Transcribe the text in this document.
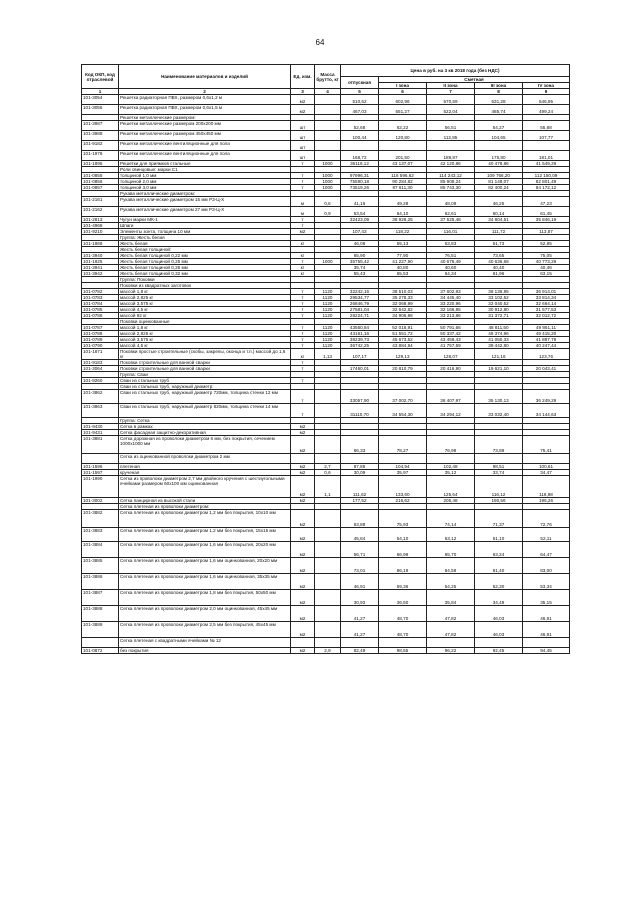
64
Код ОКП, код отраслевой	Наименование материалов и изделий	Ед. изм.	Масса брутто, кг	Цена в руб. на 3 кв 2018 года (без НДС)				
				отпускная	Сметная			
					I зона	II зона	III зона	IV зона
1	2	3	4	5	6	7	8	9
101-3054	Решетка радиаторная ПВХ, размером 0,6х1,2 м	м2		510,62	602,96	570,59	531,28	546,95
101-3055	Решетка радиаторная ПВХ, размером 0,6х1,5 м	м2		467,03	551,27	522,04	485,74	499,24
	Решетки металлические размером:							
101-3987	Решетки металлические размером 200х200 мм	шт		52,68	62,22	56,51	54,27	55,88
101-3988	Решетки металлические размером 450х450 мм	шт		100,44	120,80	112,85	104,65	107,77
101-9182	Решетки металлические вентиляционные для пола	шт						
101-1978	Решетки металлические вентиляционные для пола	шт		168,72	201,50	189,87	175,80	181,01
101-1895	Решетки для приямков стальные	т	1000	36116,12	43 137,07	42 120,86	40 478,86	41 549,29
	Роли свинцовые: марки С1							
101-0855	толщиной 1,0 мм	т	1000	97996,31	116 596,62	114 243,12	109 766,20	112 150,09
101-0856	толщиной 2,0 мм	т	1000	75590,18	90 284,82	85 908,24	81 148,07	82 801,49
101-0857	толщиной 3,0 мм	т	1000	73519,26	87 611,30	85 743,30	82 400,24	84 172,12
	Рукава металлические диаметром:							
101-2161	Рукава металлические диаметром 15 мм РЗ-Ц-Х	м	0,6	41,16	49,28	48,09	46,25	47,23
101-2162	Рукава металлические диаметром 27 мм РЗ-Ц-Х	м	0,9	53,54	64,10	62,61	60,14	61,45
101-2813	Чугун марки МК-1	т		32423,09	38 928,25	37 525,48	34 804,51	35 846,19
101-4968	Шпаги	т						
101-9210	Элементы зонта, толщина 10 мм	м2		107,43	118,22	116,01	111,72	113,87
	Группа: Жесть белая							
101-1868	Жесть белая	кг		46,08	55,13	53,83	51,73	52,85
	Жесть белая толщиной:							
101-3940	Жесть белая толщиной 0,22 мм	кг		65,90	77,90	76,51	73,65	75,05
101-1925	Жесть белая толщиной 0,25 мм	т	1000	35755,42	41 227,90	40 676,49	40 636,68	40 773,29
101-3941	Жесть белая толщиной 0,25 мм	кг		35,74	40,80	40,60	40,40	40,46
101-3942	Жесть белая толщиной 0,32 мм	кг		55,43	65,53	64,34	61,96	63,15
	Группа: Поковки							
	Поковки из квадратных заготовок							
101-0782	массой 1,8 кг	т	1120	32242,16	38 510,03	37 602,93	36 136,95	36 914,01
101-0783	массой 2,825 кг	т	1120	29534,77	35 278,33	34 445,40	33 102,52	33 814,34
101-0784	массой 3,575 кг	т	1120	26846,79	32 068,99	33 220,96	32 040,52	32 664,14
101-0785	массой 4,5 кг	т	1120	27581,04	32 642,82	32 166,85	30 912,80	31 577,53
101-0786	массой 92 кг	т	1120	28224,71	34 906,98	33 213,86	31 372,71	32 012,72
	Поковки оцинкованные							
101-0787	массой 1,8 кг	т	1120	43550,84	52 016,91	50 791,66	48 811,50	49 861,11
101-0788	массой 2,825 кг	т	1120	43161,16	51 551,72	50 337,42	48 374,96	49 415,20
101-0789	массой 3,575 кг	т	1120	38239,73	45 673,52	43 459,43	41 050,33	41 887,78
101-0790	массой 4,5 кг	т	1120	36742,25	43 884,94	41 757,59	39 442,80	40 247,44
101-1871	Поковки простые строительные (скобы, закрепы, оконца и т.п.) массой до 1,6 кг	кг	1,13	107,17	129,13	126,07	121,16	123,76
101-9183	Поковки строительные для ванной сварки	т						
101-3064	Поковки строительные для ванной сварки	т		17460,01	20 810,79	20 416,90	19 621,10	20 043,41
	Группа: Сваи							
101-9260	Сваи из стальных труб	т						
	Сваи из стальных труб, наружный диаметр:							
101-3862	Сваи из стальных труб, наружный диаметр 720мм, толщина стенки 12 мм	т		33057,90	37 002,70	36 407,97	35 130,13	36 249,29
101-3863	Сваи из стальных труб, наружный диаметр 820мм, толщина стенки 14 мм	т		31110,70	34 554,30	34 294,12	33 032,40	34 144,63
	Группа: Сетка							
101-9430	Сетка в рамках	м2						
101-9431	Сетка фасадная защитно-декоративная	м2						
101-3881	Сетка дорожная из проволоки диаметром 6 мм, без покрытия, сечением 1000х1000 мм	м2		66,33	78,27	76,98	73,89	75,41
	Сетка из оцинкованной проволоки диаметром 2 мм							
101-1596	плетеная	м2	2,7	87,85	104,94	102,48	98,51	100,61
101-1597	крученая	м2	0,6	30,09	35,97	35,12	33,74	34,47
101-1990	Сетка из проволоки диаметром 2,7 мм двойного кручения с шестиугольными ячейками размером 60х100 мм оцинкованная	м2	1,1	111,62	133,60	125,64	116,12	118,98
101-3002	Сетка панцирная из высокой стали	м2		177,52	216,62	205,48	190,56	196,26
	Сетка плетеная из проволоки диаметром:							
101-3882	Сетка плетеная из проволоки диаметром 1,2 мм без покрытия, 10х10 мм	м2		63,89	75,93	74,14	71,37	72,76
101-3883	Сетка плетеная из проволоки диаметром 1,2 мм без покрытия, 15х15 мм	м2		45,84	54,10	53,12	51,10	52,11
101-3884	Сетка плетеная из проволоки диаметром 1,6 мм без покрытия, 20х20 мм	м2		56,71	66,99	65,70	63,24	64,47
101-3885	Сетка плетеная из проволоки диаметром 1,6 мм оцинкованная, 20х20 мм	м2		73,01	86,19	84,58	81,40	83,00
101-3886	Сетка плетеная из проволоки диаметром 1,6 мм оцинкованная, 35х35 мм	м2		46,91	59,36	54,25	52,30	53,34
101-3887	Сетка плетеная из проволоки диаметром 1,8 мм без покрытия, 50х50 мм	м2		30,93	36,50	35,84	34,49	35,15
101-3888	Сетка плетеная из проволоки диаметром 2,0 мм оцинкованная, 45х45 мм	м2		41,27	48,70	47,82	46,03	46,91
101-3889	Сетка плетеная из проволоки диаметром 2,5 мм без покрытия, 45х45 мм	м2		41,27	48,70	47,82	46,03	46,91
	Сетка плетеная с квадратными ячейками № 12							
101-0872	без покрытия	м2	2,9	82,49	98,55	96,22	92,45	94,45
